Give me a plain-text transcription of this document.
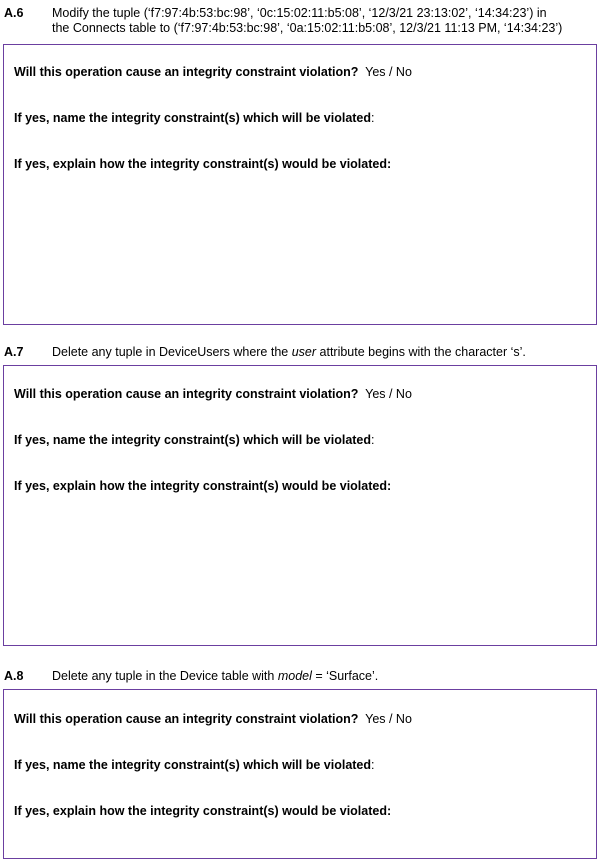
A.6 Modify the tuple (‘f7:97:4b:53:bc:98’, ‘0c:15:02:11:b5:08’, ‘12/3/21 23:13:02’, ‘14:34:23’) in
the Connects table to (‘f7:97:4b:53:bc:98’, ‘0a:15:02:11:b5:08’, 12/3/21 11:13 PM, ‘14:34:23’)
Will this operation cause an integrity constraint violation? Yes / No
If yes, name the integrity constraint(s) which will be violated:
If yes, explain how the integrity constraint(s) would be violated:
A.7 Delete any tuple in DeviceUsers where the user attribute begins with the character ‘s’.
Will this operation cause an integrity constraint violation? Yes / No
If yes, name the integrity constraint(s) which will be violated:
If yes, explain how the integrity constraint(s) would be violated:
A.8 Delete any tuple in the Device table with model = ‘Surface’.
Will this operation cause an integrity constraint violation? Yes / No
If yes, name the integrity constraint(s) which will be violated:
If yes, explain how the integrity constraint(s) would be violated:
